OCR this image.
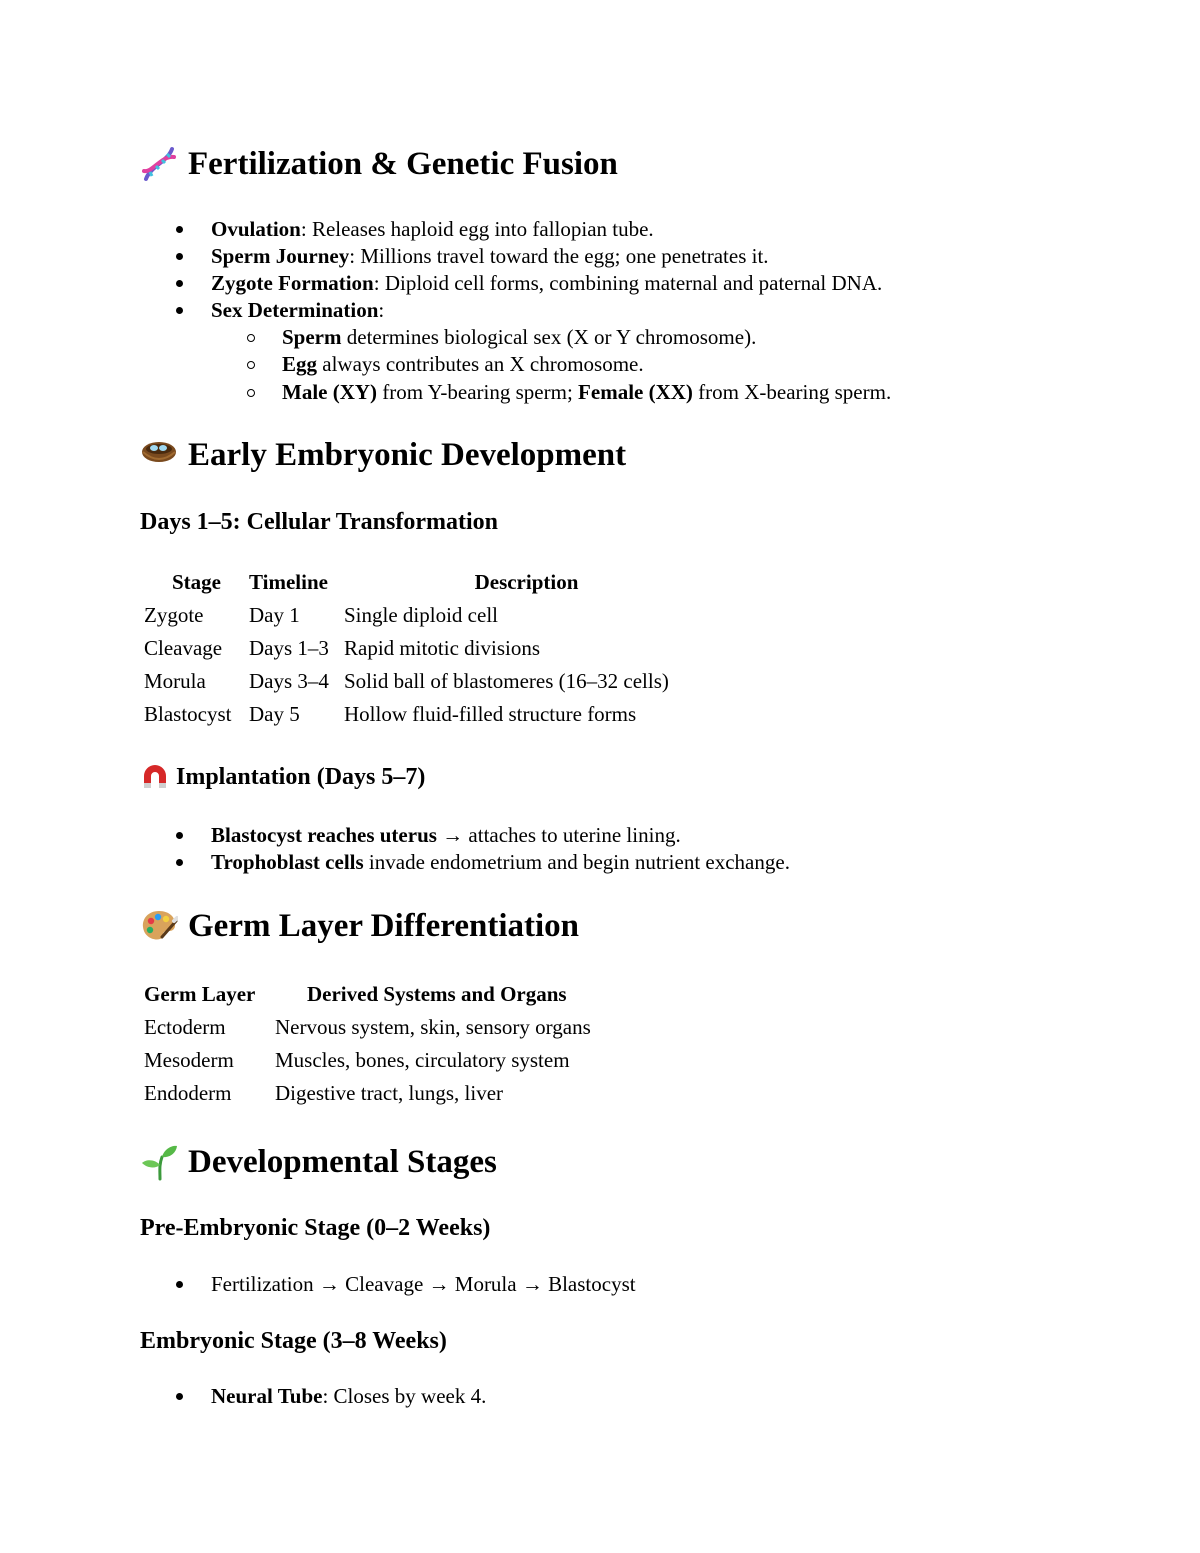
Fertilization & Genetic Fusion
Ovulation: Releases haploid egg into fallopian tube.
Sperm Journey: Millions travel toward the egg; one penetrates it.
Zygote Formation: Diploid cell forms, combining maternal and paternal DNA.
Sex Determination:
Sperm determines biological sex (X or Y chromosome).
Egg always contributes an X chromosome.
Male (XY) from Y-bearing sperm; Female (XX) from X-bearing sperm.
Early Embryonic Development
Days 1–5: Cellular Transformation
Stage	Timeline	Description
Zygote	Day 1	Single diploid cell
Cleavage	Days 1–3	Rapid mitotic divisions
Morula	Days 3–4	Solid ball of blastomeres (16–32 cells)
Blastocyst	Day 5	Hollow fluid-filled structure forms
Implantation (Days 5–7)
Blastocyst reaches uterus → attaches to uterine lining.
Trophoblast cells invade endometrium and begin nutrient exchange.
Germ Layer Differentiation
Germ Layer	Derived Systems and Organs
Ectoderm	Nervous system, skin, sensory organs
Mesoderm	Muscles, bones, circulatory system
Endoderm	Digestive tract, lungs, liver
Developmental Stages
Pre-Embryonic Stage (0–2 Weeks)
Fertilization → Cleavage → Morula → Blastocyst
Embryonic Stage (3–8 Weeks)
Neural Tube: Closes by week 4.
